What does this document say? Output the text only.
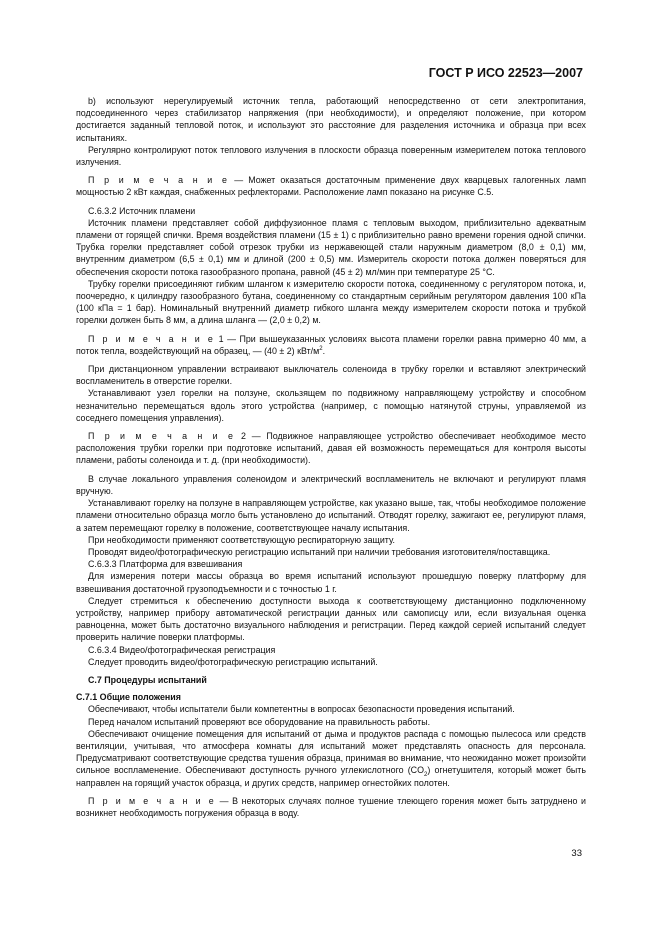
ГОСТ Р ИСО 22523—2007

b) используют нерегулируемый источник тепла, работающий непосредственно от сети электропитания, подсоединенного через стабилизатор напряжения (при необходимости), и определяют положение, при котором достигается заданный тепловой поток, и используют это расстояние для разделения источника и образца при всех испытаниях.

Регулярно контролируют поток теплового излучения в плоскости образца поверенным измерителем потока теплового излучения.

П р и м е ч а н и е — Может оказаться достаточным применение двух кварцевых галогенных ламп мощностью 2 кВт каждая, снабженных рефлекторами. Расположение ламп показано на рисунке С.5.

С.6.3.2 Источник пламени

Источник пламени представляет собой диффузионное пламя с тепловым выходом, приблизительно адекватным пламени от горящей спички. Время воздействия пламени (15 ± 1) с приблизительно равно времени горения одной спички. Трубка горелки представляет собой отрезок трубки из нержавеющей стали наружным диаметром (8,0 ± 0,1) мм, внутренним диаметром (6,5 ± 0,1) мм и длиной (200 ± 0,5) мм. Измеритель скорости потока должен поверяться для обеспечения скорости потока газообразного пропана, равной (45 ± 2) мл/мин при температуре 25 °С.

Трубку горелки присоединяют гибким шлангом к измерителю скорости потока, соединенному с регулятором потока, и, поочередно, к цилиндру газообразного бутана, соединенному со стандартным серийным регулятором давления 100 кПа (100 кПа = 1 бар). Номинальный внутренний диаметр гибкого шланга между измерителем скорости потока и трубкой горелки должен быть 8 мм, а длина шланга — (2,0 ± 0,2) м.

П р и м е ч а н и е 1 — При вышеуказанных условиях высота пламени горелки равна примерно 40 мм, а поток тепла, воздействующий на образец, — (40 ± 2) кВт/$м^2$.

При дистанционном управлении встраивают выключатель соленоида в трубку горелки и вставляют электрический воспламенитель в отверстие горелки.

Устанавливают узел горелки на ползуне, скользящем по подвижному направляющему устройству и способном незначительно перемещаться вдоль этого устройства (например, с помощью натянутой струны, управляемой из соседнего помещения управления).

П р и м е ч а н и е 2 — Подвижное направляющее устройство обеспечивает необходимое место расположения трубки горелки при подготовке испытаний, давая ей возможность перемещаться для контроля высоты пламени, работы соленоида и т. д. (при необходимости).

В случае локального управления соленоидом и электрический воспламенитель не включают и регулируют пламя вручную.

Устанавливают горелку на ползуне в направляющем устройстве, как указано выше, так, чтобы необходимое положение пламени относительно образца могло быть установлено до испытаний. Отводят горелку, зажигают ее, регулируют пламя, а затем перемещают горелку в положение, соответствующее началу испытания.

При необходимости применяют соответствующую респираторную защиту.

Проводят видео/фотографическую регистрацию испытаний при наличии требования изготовителя/поставщика.

С.6.3.3 Платформа для взвешивания

Для измерения потери массы образца во время испытаний используют прошедшую поверку платформу для взвешивания достаточной грузоподъемности и с точностью 1 г.

Следует стремиться к обеспечению доступности выхода к соответствующему дистанционно подключенному устройству, например прибору автоматической регистрации данных или самописцу или, если визуальная оценка равноценна, может быть достаточно визуального наблюдения и регистрации. Перед каждой серией испытаний следует проверить наличие поверки платформы.

С.6.3.4 Видео/фотографическая регистрация

Следует проводить видео/фотографическую регистрацию испытаний.

С.7 Процедуры испытаний

С.7.1 Общие положения

Обеспечивают, чтобы испытатели были компетентны в вопросах безопасности проведения испытаний.

Перед началом испытаний проверяют все оборудование на правильность работы.

Обеспечивают очищение помещения для испытаний от дыма и продуктов распада с помощью пылесоса или средств вентиляции, учитывая, что атмосфера комнаты для испытаний может представлять опасность для персонала. Предусматривают соответствующие средства тушения образца, принимая во внимание, что неожиданно может произойти сильное воспламенение. Обеспечивают доступность ручного углекислотного $(CO_2)$ огнетушителя, который может быть направлен на горящий участок образца, и других средств, например огнестойких полотен.

П р и м е ч а н и е — В некоторых случаях полное тушение тлеющего горения может быть затруднено и возникнет необходимость погружения образца в воду.

33
